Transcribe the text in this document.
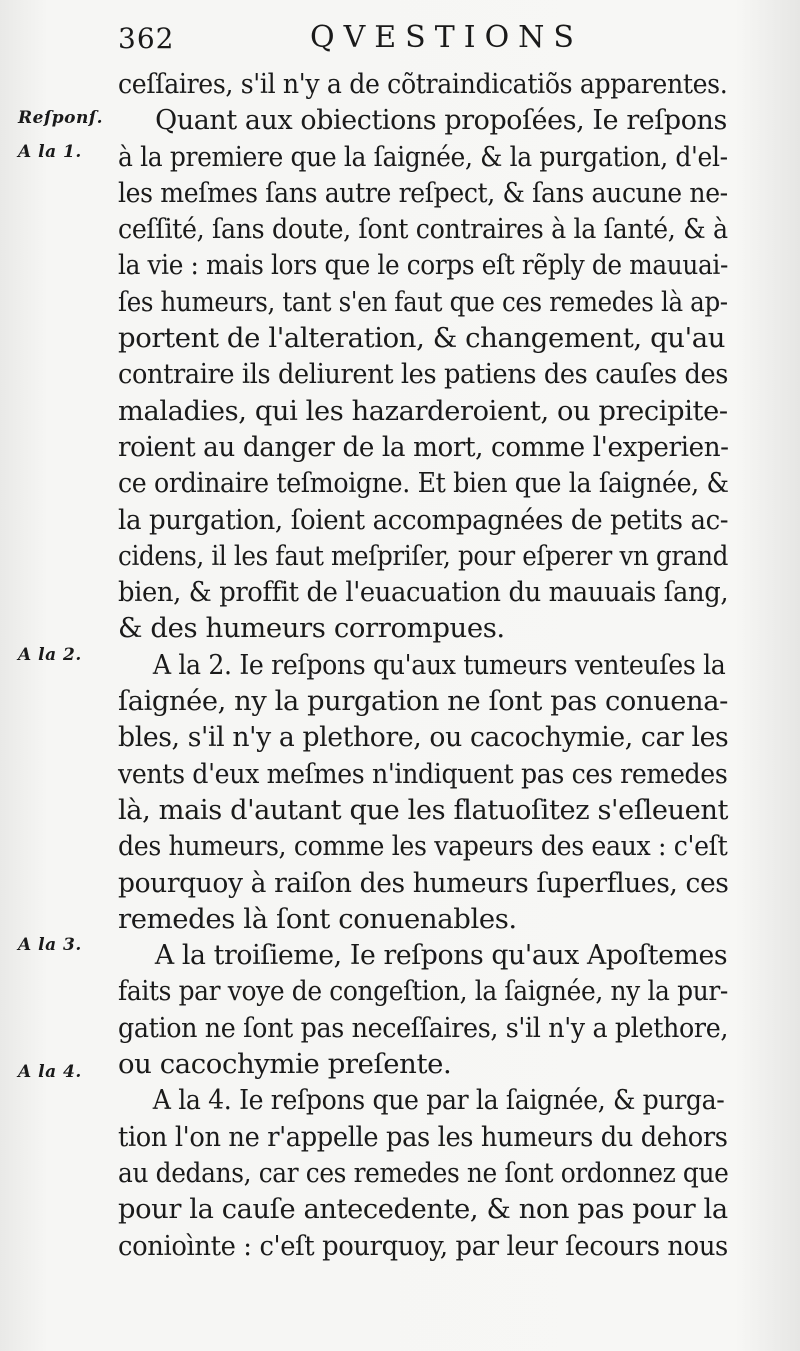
362	QVESTIONS
Reſponſ.
A la 1.
A la 2.
A la 3.
A la 4.
ceſſaires, s'il n'y a de cõtraindicatiõs apparentes.
Quant aux obiections propoſées, Ie reſpons
à la premiere que la ſaignée, & la purgation, d'el-
les meſmes ſans autre reſpect, & ſans aucune ne-
ceſſité, ſans doute, ſont contraires à la ſanté, & à
la vie : mais lors que le corps eſt rẽply de mauuai-
ſes humeurs, tant s'en faut que ces remedes là ap-
portent de l'alteration, & changement, qu'au
contraire ils deliurent les patiens des cauſes des
maladies, qui les hazarderoient, ou precipite-
roient au danger de la mort, comme l'experien-
ce ordinaire teſmoigne. Et bien que la ſaignée, &
la purgation, ſoient accompagnées de petits ac-
cidens, il les faut meſpriſer, pour eſperer vn grand
bien, & proffit de l'euacuation du mauuais ſang,
& des humeurs corrompues.
A la 2. Ie reſpons qu'aux tumeurs venteuſes la
ſaignée, ny la purgation ne ſont pas conuena-
bles, s'il n'y a plethore, ou cacochymie, car les
vents d'eux meſmes n'indiquent pas ces remedes
là, mais d'autant que les flatuoſitez s'eſleuent
des humeurs, comme les vapeurs des eaux : c'eſt
pourquoy à raiſon des humeurs ſuperflues, ces
remedes là ſont conuenables.
A la troiſieme, Ie reſpons qu'aux Apoſtemes
faits par voye de congeſtion, la ſaignée, ny la pur-
gation ne ſont pas neceſſaires, s'il n'y a plethore,
ou cacochymie preſente.
A la 4. Ie reſpons que par la ſaignée, & purga-
tion l'on ne r'appelle pas les humeurs du dehors
au dedans, car ces remedes ne ſont ordonnez que
pour la cauſe antecedente, & non pas pour la
conioìnte : c'eſt pourquoy, par leur ſecours nous
